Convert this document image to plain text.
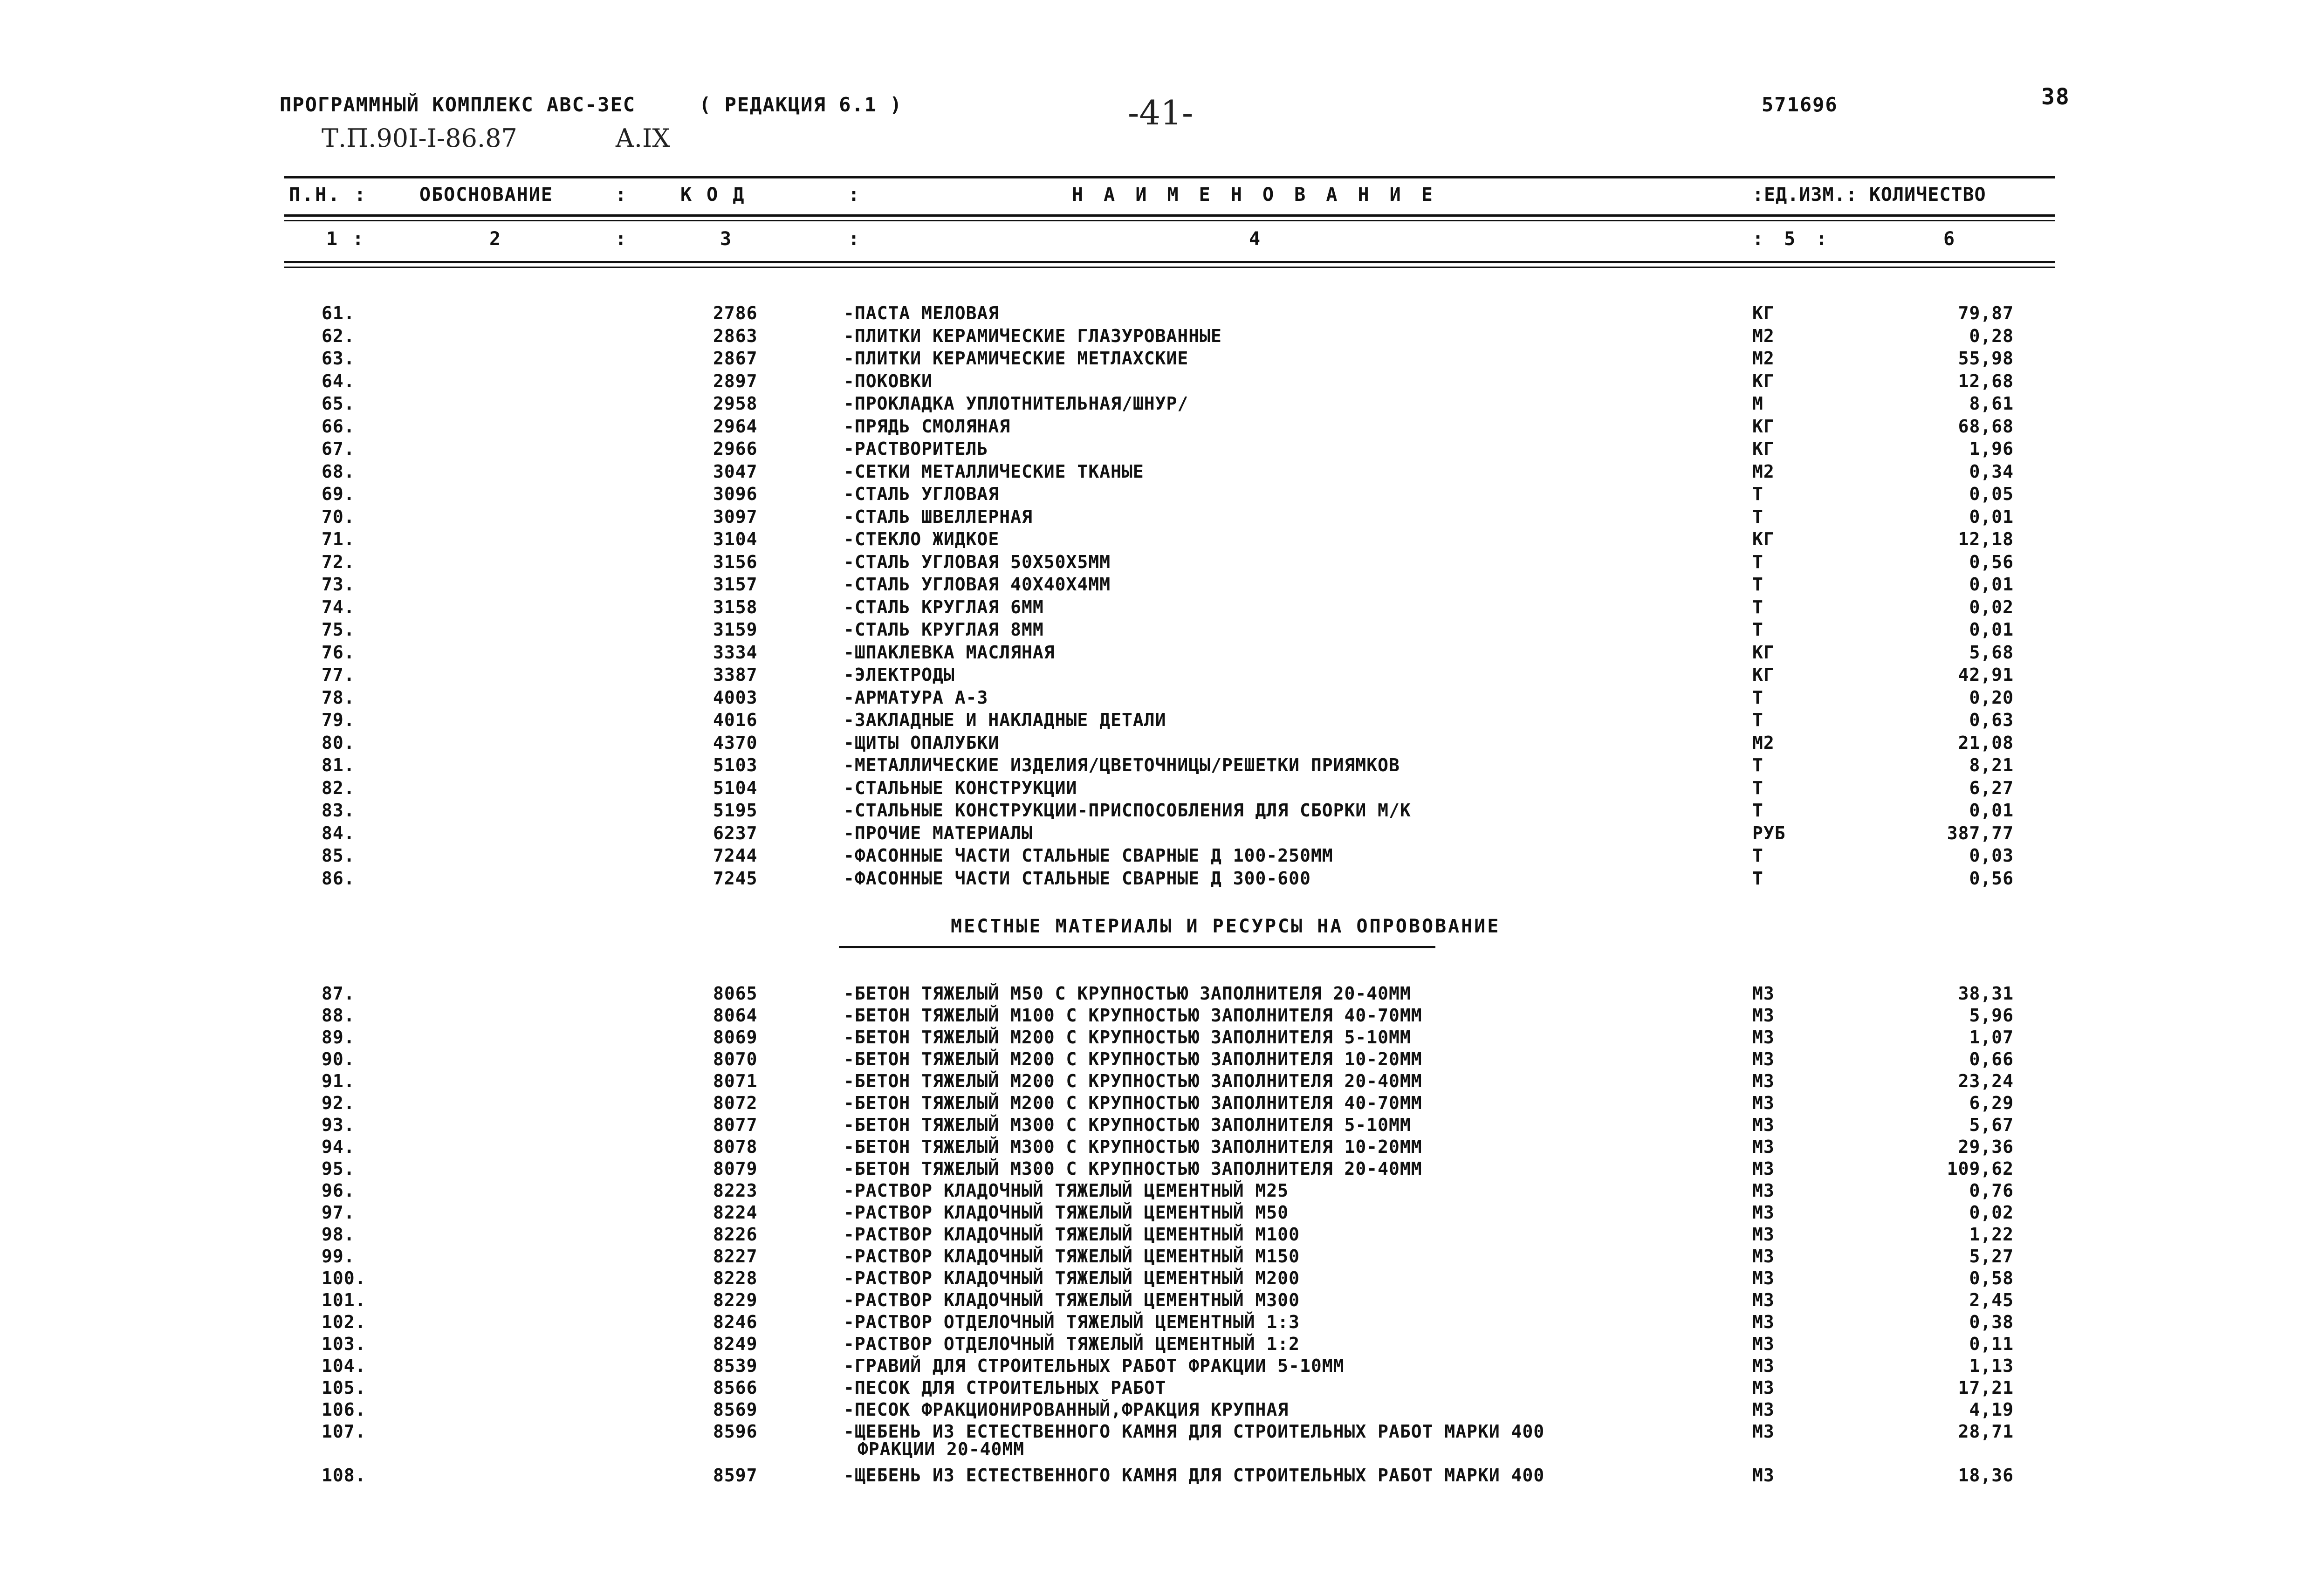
ПРОГРАММНЫЙ КОМПЛЕКС АВС-3ЕС	( РЕДАКЦИЯ 6.1 )	-41-	571696	38
Т.П.90I-I-86.87	А.IX
П.Н. :	ОБОСНОВАНИЕ	:	К О Д	:	Н А И М Е Н О В А Н И Е	:ЕД.ИЗМ.: КОЛИЧЕСТВО
1 :	2	:	3	:	4	: 5 :	6
МЕСТНЫЕ МАТЕРИАЛЫ И РЕСУРСЫ НА ОПРОВОВАНИЕ
61.	2786	-ПАСТА МЕЛОВАЯ	КГ	79,87
62.	2863	-ПЛИТКИ КЕРАМИЧЕСКИЕ ГЛАЗУРОВАННЫЕ	М2	0,28
63.	2867	-ПЛИТКИ КЕРАМИЧЕСКИЕ МЕТЛАХСКИЕ	М2	55,98
64.	2897	-ПОКОВКИ	КГ	12,68
65.	2958	-ПРОКЛАДКА УПЛОТНИТЕЛЬНАЯ/ШНУР/	М	8,61
66.	2964	-ПРЯДЬ СМОЛЯНАЯ	КГ	68,68
67.	2966	-РАСТВОРИТЕЛЬ	КГ	1,96
68.	3047	-СЕТКИ МЕТАЛЛИЧЕСКИЕ ТКАНЫЕ	М2	0,34
69.	3096	-СТАЛЬ УГЛОВАЯ	Т	0,05
70.	3097	-СТАЛЬ ШВЕЛЛЕРНАЯ	Т	0,01
71.	3104	-СТЕКЛО ЖИДКОЕ	КГ	12,18
72.	3156	-СТАЛЬ УГЛОВАЯ 50Х50Х5ММ	Т	0,56
73.	3157	-СТАЛЬ УГЛОВАЯ 40Х40Х4ММ	Т	0,01
74.	3158	-СТАЛЬ КРУГЛАЯ 6ММ	Т	0,02
75.	3159	-СТАЛЬ КРУГЛАЯ 8ММ	Т	0,01
76.	3334	-ШПАКЛЕВКА МАСЛЯНАЯ	КГ	5,68
77.	3387	-ЭЛЕКТРОДЫ	КГ	42,91
78.	4003	-АРМАТУРА А-3	Т	0,20
79.	4016	-ЗАКЛАДНЫЕ И НАКЛАДНЫЕ ДЕТАЛИ	Т	0,63
80.	4370	-ЩИТЫ ОПАЛУБКИ	М2	21,08
81.	5103	-МЕТАЛЛИЧЕСКИЕ ИЗДЕЛИЯ/ЦВЕТОЧНИЦЫ/РЕШЕТКИ ПРИЯМКОВ	Т	8,21
82.	5104	-СТАЛЬНЫЕ КОНСТРУКЦИИ	Т	6,27
83.	5195	-СТАЛЬНЫЕ КОНСТРУКЦИИ-ПРИСПОСОБЛЕНИЯ ДЛЯ СБОРКИ М/К	Т	0,01
84.	6237	-ПРОЧИЕ МАТЕРИАЛЫ	РУБ	387,77
85.	7244	-ФАСОННЫЕ ЧАСТИ СТАЛЬНЫЕ СВАРНЫЕ Д 100-250ММ	Т	0,03
86.	7245	-ФАСОННЫЕ ЧАСТИ СТАЛЬНЫЕ СВАРНЫЕ Д 300-600	Т	0,56
87.	8065	-БЕТОН ТЯЖЕЛЫЙ М50 С КРУПНОСТЬЮ ЗАПОЛНИТЕЛЯ 20-40ММ	М3	38,31
88.	8064	-БЕТОН ТЯЖЕЛЫЙ М100 С КРУПНОСТЬЮ ЗАПОЛНИТЕЛЯ 40-70ММ	М3	5,96
89.	8069	-БЕТОН ТЯЖЕЛЫЙ М200 С КРУПНОСТЬЮ ЗАПОЛНИТЕЛЯ 5-10ММ	М3	1,07
90.	8070	-БЕТОН ТЯЖЕЛЫЙ М200 С КРУПНОСТЬЮ ЗАПОЛНИТЕЛЯ 10-20ММ	М3	0,66
91.	8071	-БЕТОН ТЯЖЕЛЫЙ М200 С КРУПНОСТЬЮ ЗАПОЛНИТЕЛЯ 20-40ММ	М3	23,24
92.	8072	-БЕТОН ТЯЖЕЛЫЙ М200 С КРУПНОСТЬЮ ЗАПОЛНИТЕЛЯ 40-70ММ	М3	6,29
93.	8077	-БЕТОН ТЯЖЕЛЫЙ М300 С КРУПНОСТЬЮ ЗАПОЛНИТЕЛЯ 5-10ММ	М3	5,67
94.	8078	-БЕТОН ТЯЖЕЛЫЙ М300 С КРУПНОСТЬЮ ЗАПОЛНИТЕЛЯ 10-20ММ	М3	29,36
95.	8079	-БЕТОН ТЯЖЕЛЫЙ М300 С КРУПНОСТЬЮ ЗАПОЛНИТЕЛЯ 20-40ММ	М3	109,62
96.	8223	-РАСТВОР КЛАДОЧНЫЙ ТЯЖЕЛЫЙ ЦЕМЕНТНЫЙ М25	М3	0,76
97.	8224	-РАСТВОР КЛАДОЧНЫЙ ТЯЖЕЛЫЙ ЦЕМЕНТНЫЙ М50	М3	0,02
98.	8226	-РАСТВОР КЛАДОЧНЫЙ ТЯЖЕЛЫЙ ЦЕМЕНТНЫЙ М100	М3	1,22
99.	8227	-РАСТВОР КЛАДОЧНЫЙ ТЯЖЕЛЫЙ ЦЕМЕНТНЫЙ М150	М3	5,27
100.	8228	-РАСТВОР КЛАДОЧНЫЙ ТЯЖЕЛЫЙ ЦЕМЕНТНЫЙ М200	М3	0,58
101.	8229	-РАСТВОР КЛАДОЧНЫЙ ТЯЖЕЛЫЙ ЦЕМЕНТНЫЙ М300	М3	2,45
102.	8246	-РАСТВОР ОТДЕЛОЧНЫЙ ТЯЖЕЛЫЙ ЦЕМЕНТНЫЙ 1:3	М3	0,38
103.	8249	-РАСТВОР ОТДЕЛОЧНЫЙ ТЯЖЕЛЫЙ ЦЕМЕНТНЫЙ 1:2	М3	0,11
104.	8539	-ГРАВИЙ ДЛЯ СТРОИТЕЛЬНЫХ РАБОТ ФРАКЦИИ 5-10ММ	М3	1,13
105.	8566	-ПЕСОК ДЛЯ СТРОИТЕЛЬНЫХ РАБОТ	М3	17,21
106.	8569	-ПЕСОК ФРАКЦИОНИРОВАННЫЙ,ФРАКЦИЯ КРУПНАЯ	М3	4,19
107.	8596	-ЩЕБЕНЬ ИЗ ЕСТЕСТВЕННОГО КАМНЯ ДЛЯ СТРОИТЕЛЬНЫХ РАБОТ МАРКИ 400	М3	28,71
ФРАКЦИИ 20-40ММ
108.	8597	-ЩЕБЕНЬ ИЗ ЕСТЕСТВЕННОГО КАМНЯ ДЛЯ СТРОИТЕЛЬНЫХ РАБОТ МАРКИ 400	М3	18,36
